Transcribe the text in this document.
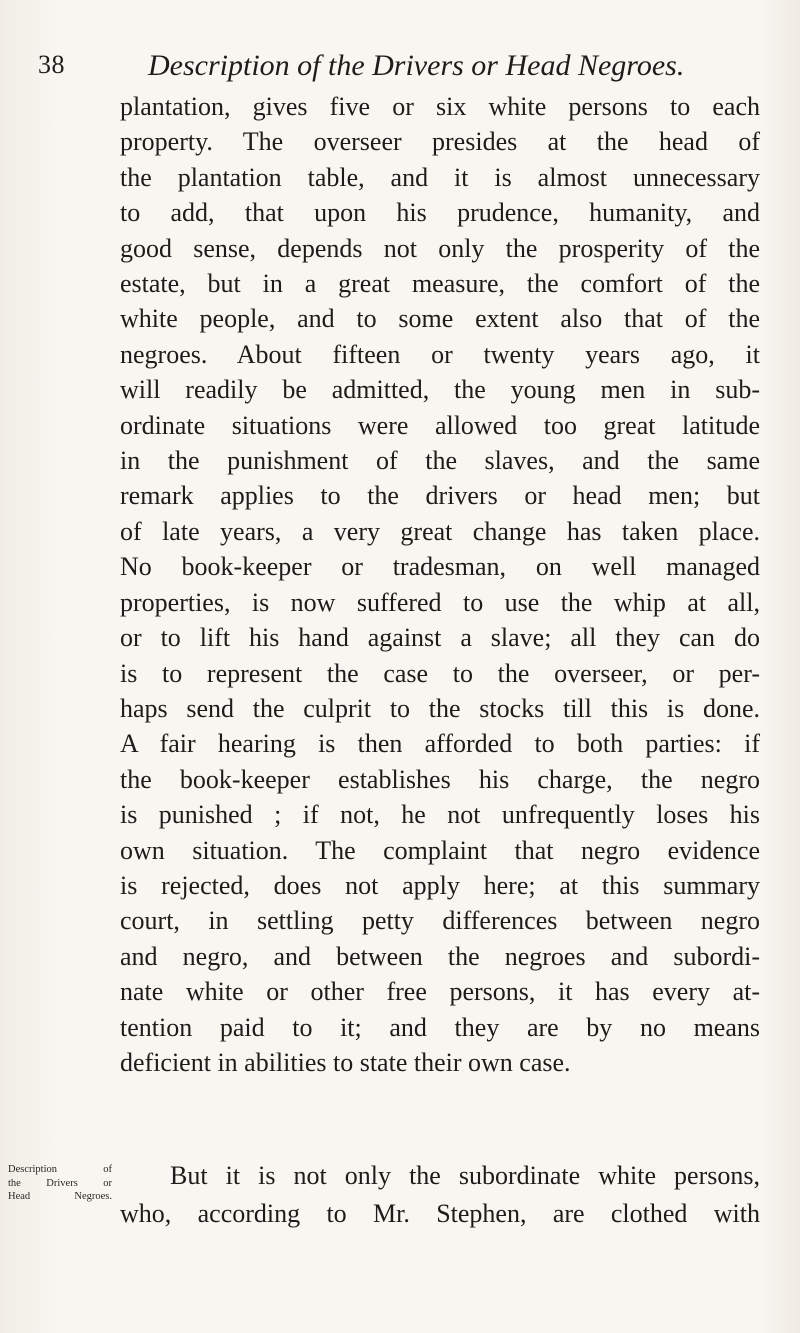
38	Description of the Drivers or Head Negroes.
plantation, gives five or six white persons to each
property. The overseer presides at the head of
the plantation table, and it is almost unnecessary
to add, that upon his prudence, humanity, and
good sense, depends not only the prosperity of the
estate, but in a great measure, the comfort of the
white people, and to some extent also that of the
negroes. About fifteen or twenty years ago, it
will readily be admitted, the young men in sub-
ordinate situations were allowed too great latitude
in the punishment of the slaves, and the same
remark applies to the drivers or head men; but
of late years, a very great change has taken place.
No book-keeper or tradesman, on well managed
properties, is now suffered to use the whip at all,
or to lift his hand against a slave; all they can do
is to represent the case to the overseer, or per-
haps send the culprit to the stocks till this is done.
A fair hearing is then afforded to both parties: if
the book-keeper establishes his charge, the negro
is punished ; if not, he not unfrequently loses his
own situation. The complaint that negro evidence
is rejected, does not apply here; at this summary
court, in settling petty differences between negro
and negro, and between the negroes and subordi-
nate white or other free persons, it has every at-
tention paid to it; and they are by no means
deficient in abilities to state their own case.
Description of
the Drivers or
Head Negroes.
But it is not only the subordinate white persons,
who, according to Mr. Stephen, are clothed with
